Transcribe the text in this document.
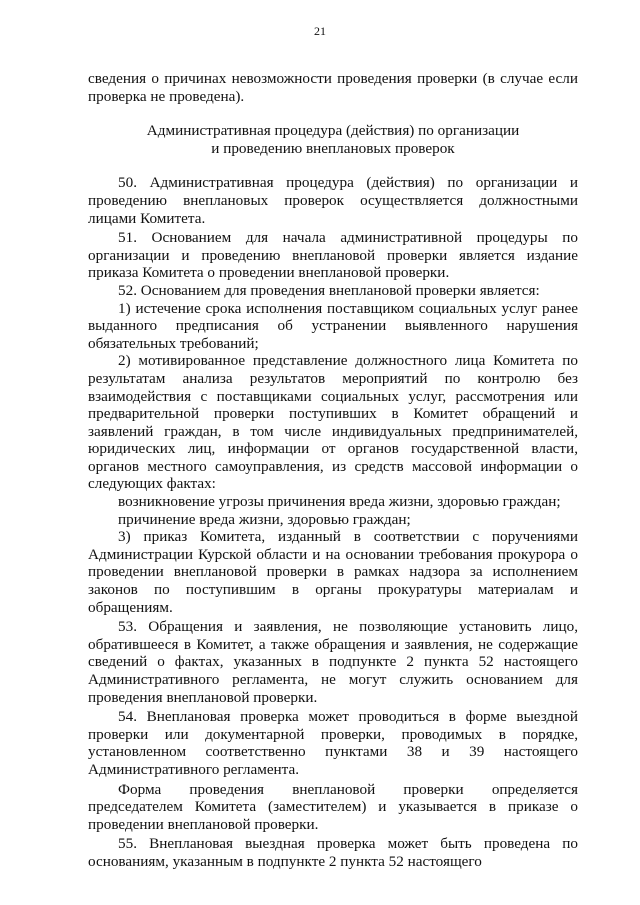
21

сведения о причинах невозможности проведения проверки (в случае если проверка не проведена).

Административная процедура (действия) по организации
и проведению внеплановых проверок

50. Административная процедура (действия) по организации и проведению внеплановых проверок осуществляется должностными лицами Комитета.

51. Основанием для начала административной процедуры по организации и проведению внеплановой проверки является издание приказа Комитета о проведении внеплановой проверки.

52. Основанием для проведения внеплановой проверки является:

1) истечение срока исполнения поставщиком социальных услуг ранее выданного предписания об устранении выявленного нарушения обязательных требований;

2) мотивированное представление должностного лица Комитета по результатам анализа результатов мероприятий по контролю без взаимодействия с поставщиками социальных услуг, рассмотрения или предварительной проверки поступивших в Комитет обращений и заявлений граждан, в том числе индивидуальных предпринимателей, юридических лиц, информации от органов государственной власти, органов местного самоуправления, из средств массовой информации о следующих фактах:

возникновение угрозы причинения вреда жизни, здоровью граждан;

причинение вреда жизни, здоровью граждан;

3) приказ Комитета, изданный в соответствии с поручениями Администрации Курской области и на основании требования прокурора о проведении внеплановой проверки в рамках надзора за исполнением законов по поступившим в органы прокуратуры материалам и обращениям.

53. Обращения и заявления, не позволяющие установить лицо, обратившееся в Комитет, а также обращения и заявления, не содержащие сведений о фактах, указанных в подпункте 2 пункта 52 настоящего Административного регламента, не могут служить основанием для проведения внеплановой проверки.

54. Внеплановая проверка может проводиться в форме выездной проверки или документарной проверки, проводимых в порядке, установленном соответственно пунктами 38 и 39 настоящего Административного регламента.

Форма проведения внеплановой проверки определяется председателем Комитета (заместителем) и указывается в приказе о проведении внеплановой проверки.

55. Внеплановая выездная проверка может быть проведена по основаниям, указанным в подпункте 2 пункта 52 настоящего
